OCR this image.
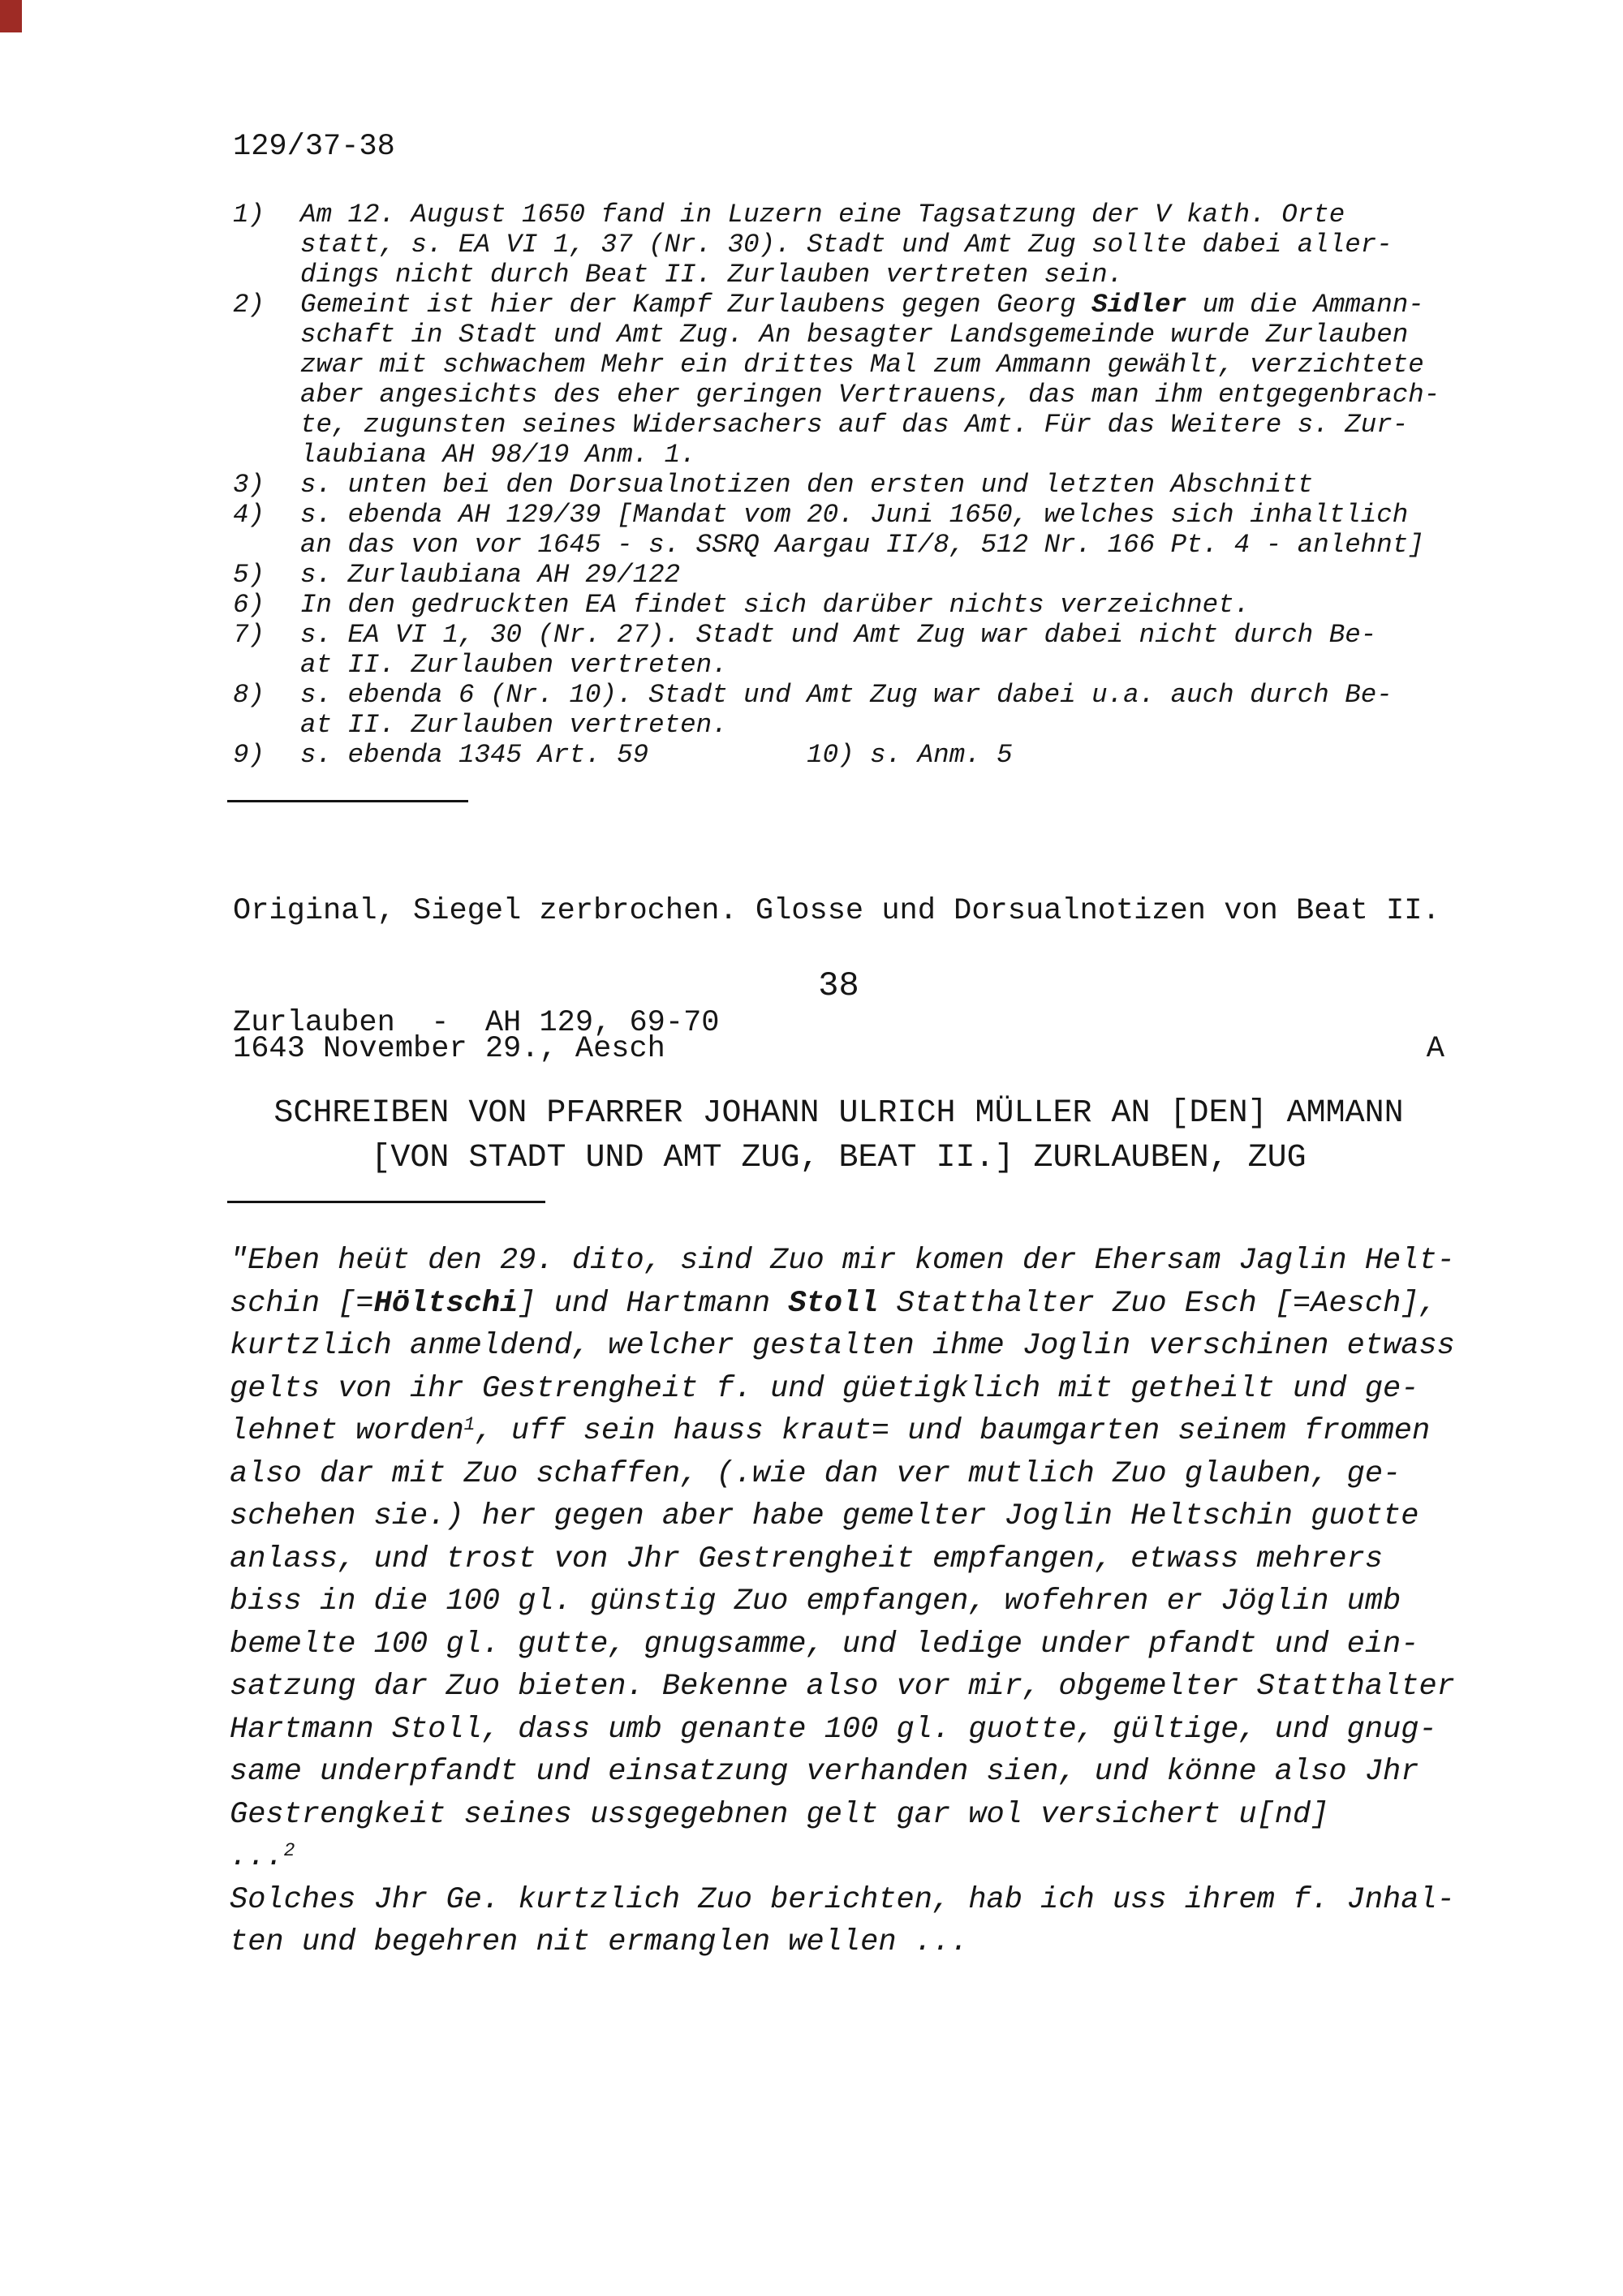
129/37-38
1)	Am 12. August 1650 fand in Luzern eine Tagsatzung der V kath. Orte
statt, s. EA VI 1, 37 (Nr. 30). Stadt und Amt Zug sollte dabei aller-
dings nicht durch Beat II. Zurlauben vertreten sein.
2)	Gemeint ist hier der Kampf Zurlaubens gegen Georg Sidler um die Ammann-
schaft in Stadt und Amt Zug. An besagter Landsgemeinde wurde Zurlauben
zwar mit schwachem Mehr ein drittes Mal zum Ammann gewählt, verzichtete
aber angesichts des eher geringen Vertrauens, das man ihm entgegenbrach-
te, zugunsten seines Widersachers auf das Amt. Für das Weitere s. Zur-
laubiana AH 98/19 Anm. 1.
3)	s. unten bei den Dorsualnotizen den ersten und letzten Abschnitt
4)	s. ebenda AH 129/39 [Mandat vom 20. Juni 1650, welches sich inhaltlich
an das von vor 1645 - s. SSRQ Aargau II/8, 512 Nr. 166 Pt. 4 - anlehnt]
5)	s. Zurlaubiana AH 29/122
6)	In den gedruckten EA findet sich darüber nichts verzeichnet.
7)	s. EA VI 1, 30 (Nr. 27). Stadt und Amt Zug war dabei nicht durch Be-
at II. Zurlauben vertreten.
8)	s. ebenda 6 (Nr. 10). Stadt und Amt Zug war dabei u.a. auch durch Be-
at II. Zurlauben vertreten.
9)	s. ebenda 1345 Art. 59          10) s. Anm. 5

Original, Siegel zerbrochen. Glosse und Dorsualnotizen von Beat II.

Zurlauben  -  AH 129, 69-70

38
1643 November 29., Aesch	A
SCHREIBEN VON PFARRER JOHANN ULRICH MÜLLER AN [DEN] AMMANN
[VON STADT UND AMT ZUG, BEAT II.] ZURLAUBEN, ZUG
"Eben heüt den 29. dito, sind Zuo mir komen der Ehersam Jaglin Helt-
schin [=Höltschi] und Hartmann Stoll Statthalter Zuo Esch [=Aesch],
kurtzlich anmeldend, welcher gestalten ihme Joglin verschinen etwass
gelts von ihr Gestrengheit f. und güetigklich mit getheilt und ge-
lehnet worden$^1$, uff sein hauss kraut= und baumgarten seinem frommen
also dar mit Zuo schaffen, (.wie dan ver mutlich Zuo glauben, ge-
schehen sie.) her gegen aber habe gemelter Joglin Heltschin guotte
anlass, und trost von Jhr Gestrengheit empfangen, etwass mehrers
biss in die 100 gl. günstig Zuo empfangen, wofehren er Jöglin umb
bemelte 100 gl. gutte, gnugsamme, und ledige under pfandt und ein-
satzung dar Zuo bieten. Bekenne also vor mir, obgemelter Statthalter
Hartmann Stoll, dass umb genante 100 gl. guotte, gültige, und gnug-
same underpfandt und einsatzung verhanden sien, und könne also Jhr
Gestrengkeit seines ussgegebnen gelt gar wol versichert u[nd]
...$^2$
Solches Jhr Ge. kurtzlich Zuo berichten, hab ich uss ihrem f. Jnhal-
ten und begehren nit ermanglen wellen ...
